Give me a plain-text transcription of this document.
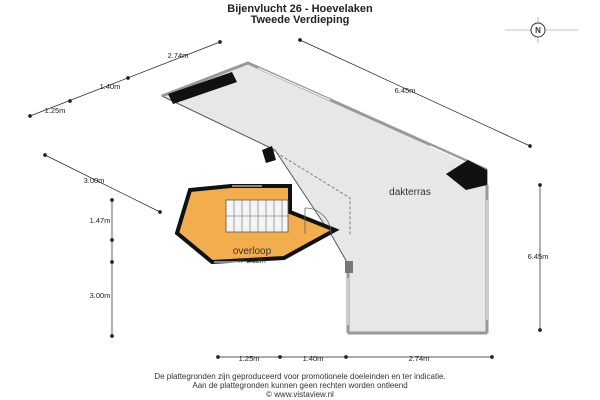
Bijenvlucht 26 - Hoevelaken
Tweede Verdieping
N
dakterras
overloop
h=2.12m
2.74m
1.40m
1.25m
6.45m
3.00m
1.47m
3.00m
6.45m
1.25m	1.40m	2.74m
De plattegronden zijn geproduceerd voor promotionele doeleinden en ter indicatie.
Aan de plattegronden kunnen geen rechten worden ontleend
© www.vistaview.nl
